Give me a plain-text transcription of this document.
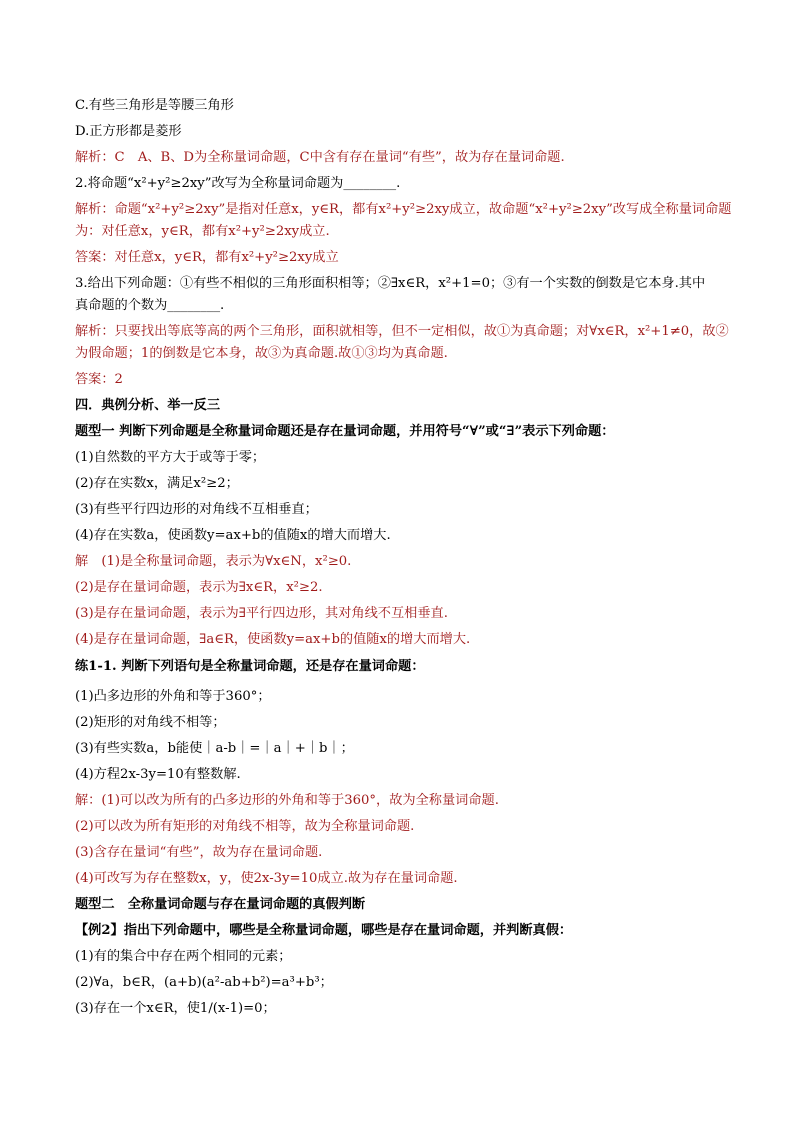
C.有些三角形是等腰三角形
D.正方形都是菱形
解析：C　A、B、D为全称量词命题，C中含有存在量词“有些”，故为存在量词命题.
2.将命题“x²+y²≥2xy”改写为全称量词命题为________.
解析：命题“x²+y²≥2xy”是指对任意x，y∈R，都有x²+y²≥2xy成立，故命题“x²+y²≥2xy”改写成全称量词命题
为：对任意x，y∈R，都有x²+y²≥2xy成立.
答案：对任意x，y∈R，都有x²+y²≥2xy成立
3.给出下列命题：①有些不相似的三角形面积相等；②∃x∈R，x²+1=0；③有一个实数的倒数是它本身.其中
真命题的个数为________.
解析：只要找出等底等高的两个三角形，面积就相等，但不一定相似，故①为真命题；对∀x∈R，x²+1≠0，故②
为假命题；1的倒数是它本身，故③为真命题.故①③均为真命题.
答案：2
四．典例分析、举一反三
题型一 判断下列命题是全称量词命题还是存在量词命题，并用符号“∀”或“∃”表示下列命题：
(1)自然数的平方大于或等于零；
(2)存在实数x，满足x²≥2；
(3)有些平行四边形的对角线不互相垂直；
(4)存在实数a，使函数y=ax+b的值随x的增大而增大.
解　(1)是全称量词命题，表示为∀x∈N，x²≥0.
(2)是存在量词命题，表示为∃x∈R，x²≥2.
(3)是存在量词命题，表示为∃平行四边形，其对角线不互相垂直.
(4)是存在量词命题，∃a∈R，使函数y=ax+b的值随x的增大而增大.
练1-1. 判断下列语句是全称量词命题，还是存在量词命题：
(1)凸多边形的外角和等于360°；
(2)矩形的对角线不相等；
(3)有些实数a，b能使｜a-b｜=｜a｜+｜b｜；
(4)方程2x-3y=10有整数解.
解：(1)可以改为所有的凸多边形的外角和等于360°，故为全称量词命题.
(2)可以改为所有矩形的对角线不相等，故为全称量词命题.
(3)含存在量词“有些”，故为存在量词命题.
(4)可改写为存在整数x，y，使2x-3y=10成立.故为存在量词命题.
题型二　全称量词命题与存在量词命题的真假判断
【例2】指出下列命题中，哪些是全称量词命题，哪些是存在量词命题，并判断真假：
(1)有的集合中存在两个相同的元素；
(2)∀a，b∈R，(a+b)(a²-ab+b²)=a³+b³；
(3)存在一个x∈R，使1/(x-1)=0；
